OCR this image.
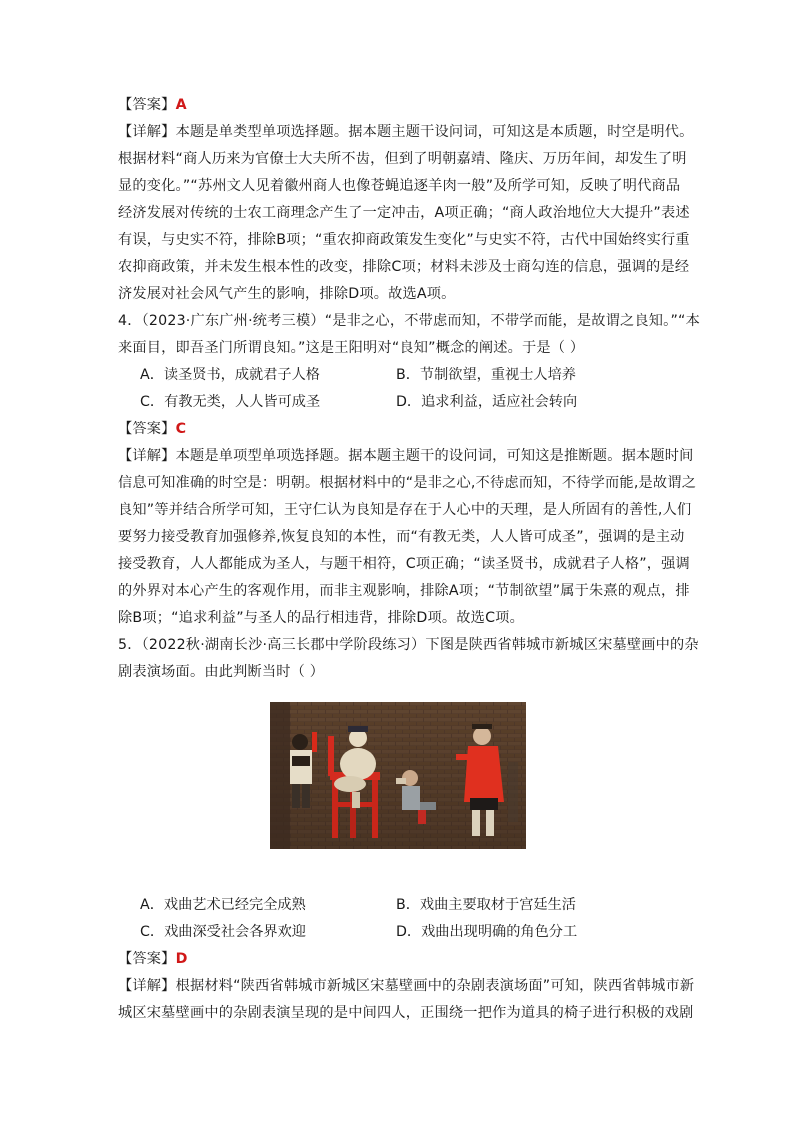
【答案】A
【详解】本题是单类型单项选择题。据本题主题干设问词，可知这是本质题，时空是明代。
根据材料“商人历来为官僚士大夫所不齿，但到了明朝嘉靖、隆庆、万历年间，却发生了明
显的变化。”“苏州文人见着徽州商人也像苍蝇追逐羊肉一般”及所学可知，反映了明代商品
经济发展对传统的士农工商理念产生了一定冲击，A项正确；“商人政治地位大大提升”表述
有误，与史实不符，排除B项；“重农抑商政策发生变化”与史实不符，古代中国始终实行重
农抑商政策，并未发生根本性的改变，排除C项；材料未涉及士商勾连的信息，强调的是经
济发展对社会风气产生的影响，排除D项。故选A项。
4．（2023·广东广州·统考三模）“是非之心，不带虑而知，不带学而能，是故谓之良知。”“本
来面目，即吾圣门所谓良知。”这是王阳明对“良知”概念的阐述。于是（ ）
A．读圣贤书，成就君子人格	B．节制欲望，重视士人培养
C．有教无类，人人皆可成圣	D．追求利益，适应社会转向
【答案】C
【详解】本题是单项型单项选择题。据本题主题干的设问词，可知这是推断题。据本题时间
信息可知准确的时空是：明朝。根据材料中的“是非之心,不待虑而知，不待学而能,是故谓之
良知”等并结合所学可知，王守仁认为良知是存在于人心中的天理，是人所固有的善性,人们
要努力接受教育加强修养,恢复良知的本性，而“有教无类，人人皆可成圣”，强调的是主动
接受教育，人人都能成为圣人，与题干相符，C项正确；“读圣贤书，成就君子人格”，强调
的外界对本心产生的客观作用，而非主观影响，排除A项；“节制欲望”属于朱熹的观点，排
除B项；“追求利益”与圣人的品行相违背，排除D项。故选C项。
5．（2022秋·湖南长沙·高三长郡中学阶段练习）下图是陕西省韩城市新城区宋墓壁画中的杂
剧表演场面。由此判断当时（ ）
A．戏曲艺术已经完全成熟	B．戏曲主要取材于宫廷生活
C．戏曲深受社会各界欢迎	D．戏曲出现明确的角色分工
【答案】D
【详解】根据材料“陕西省韩城市新城区宋墓壁画中的杂剧表演场面”可知，陕西省韩城市新
城区宋墓壁画中的杂剧表演呈现的是中间四人，正围绕一把作为道具的椅子进行积极的戏剧
